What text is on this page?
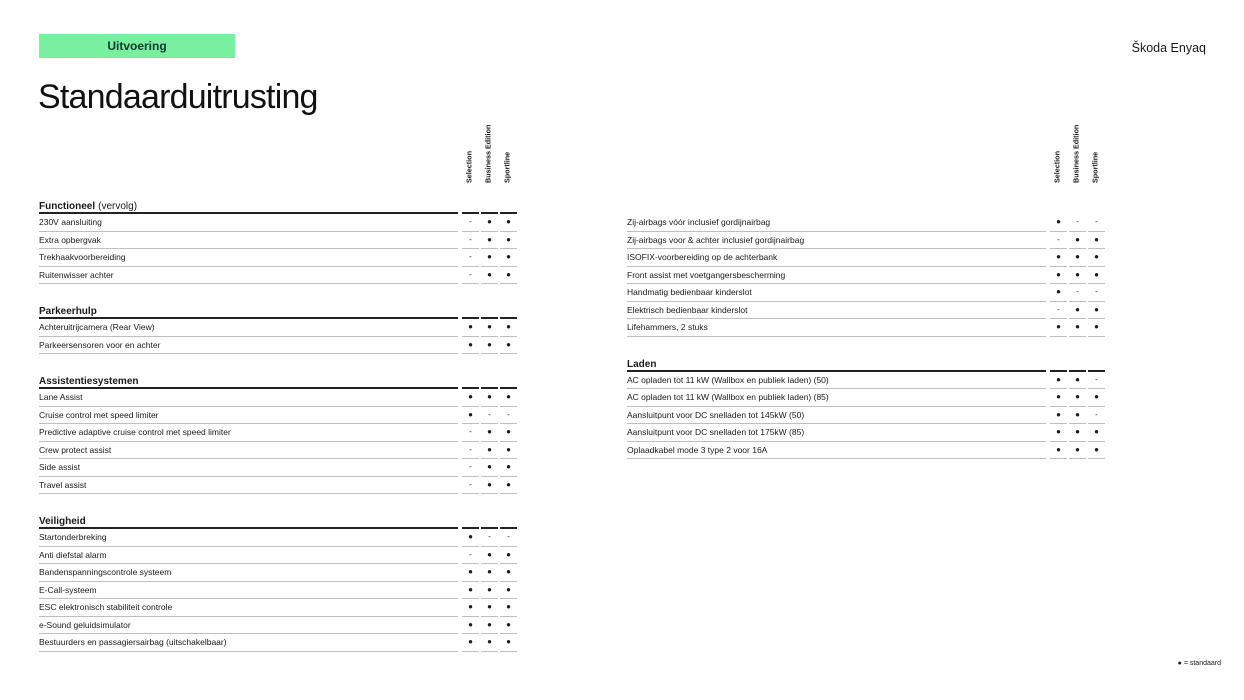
Uitvoering	Škoda Enyaq
Standaarduitrusting
Selection Business Edition Sportline	Selection Business Edition Sportline
Functioneel (vervolg)
230V aansluiting	-	●	●
Extra opbergvak	-	●	●
Trekhaakvoorbereiding	-	●	●
Ruitenwisser achter	-	●	●
Parkeerhulp
Achteruitrijcamera (Rear View)	●	●	●
Parkeersensoren voor en achter	●	●	●
Assistentiesystemen
Lane Assist	●	●	●
Cruise control met speed limiter	●	-	-
Predictive adaptive cruise control met speed limiter	-	●	●
Crew protect assist	-	●	●
Side assist	-	●	●
Travel assist	-	●	●
Veiligheid
Startonderbreking	●	-	-
Anti diefstal alarm	-	●	●
Bandenspanningscontrole systeem	●	●	●
E-Call-systeem	●	●	●
ESC elektronisch stabiliteit controle	●	●	●
e-Sound geluidsimulator	●	●	●
Bestuurders en passagiersairbag (uitschakelbaar)	●	●	●
Zij-airbags vóór inclusief gordijnairbag	●	-	-
Zij-airbags voor & achter inclusief gordijnairbag	-	●	●
ISOFIX-voorbereiding op de achterbank	●	●	●
Front assist met voetgangersbescherming	●	●	●
Handmatig bedienbaar kinderslot	●	-	-
Elektrisch bedienbaar kinderslot	-	●	●
Lifehammers, 2 stuks	●	●	●
Laden
AC opladen tot 11 kW (Wallbox en publiek laden) (50)	●	●	-
AC opladen tot 11 kW (Wallbox en publiek laden) (85)	●	●	●
Aansluitpunt voor DC snelladen tot 145kW (50)	●	●	-
Aansluitpunt voor DC snelladen tot 175kW (85)	●	●	●
Oplaadkabel mode 3 type 2 voor 16A	●	●	●
● = standaard
